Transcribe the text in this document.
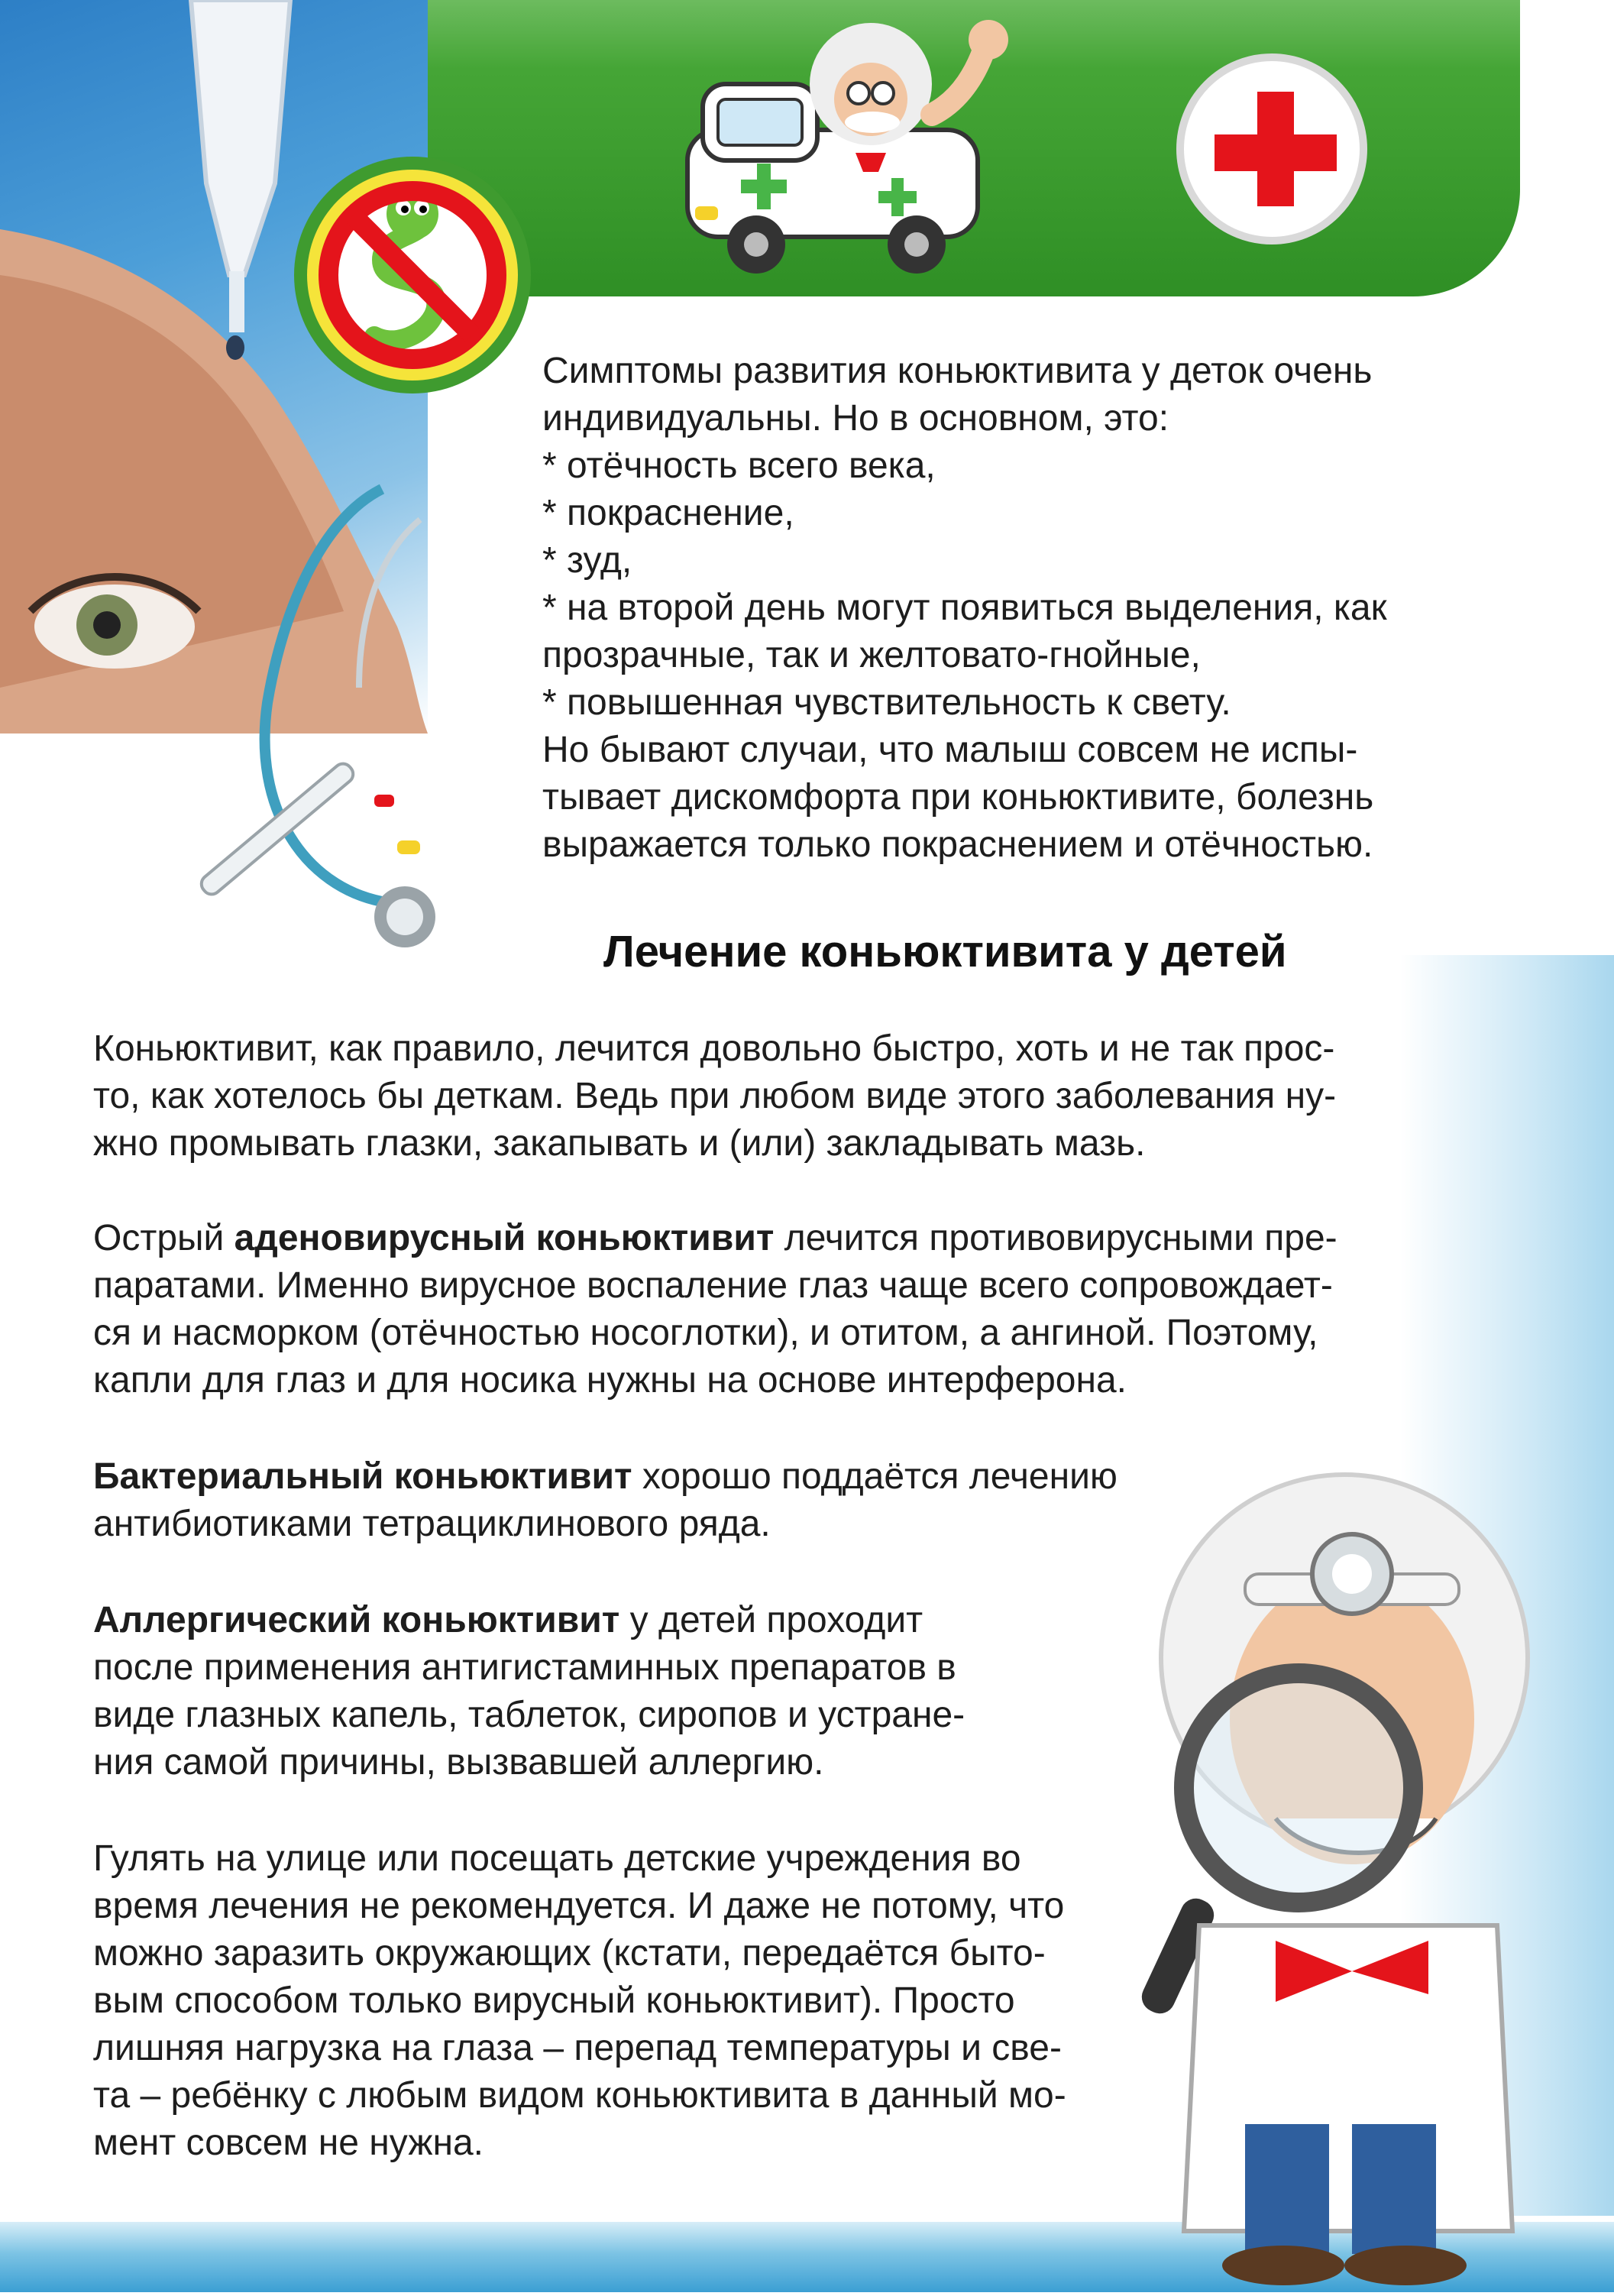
Симптомы развития коньюктивита у деток очень

индивидуальны. Но в основном, это:

* отёчность всего века,

* покраснение,

* зуд,

* на второй день могут появиться выделения, как

прозрачные, так и желтовато-гнойные,

* повышенная чувствительность к свету.

Но бывают случаи, что малыш совсем не испы-

тывает дискомфорта при коньюктивите, болезнь

выражается только покраснением и отёчностью.

Лечение коньюктивита у детей

Коньюктивит, как правило, лечится довольно быстро, хоть и не так прос-

то, как хотелось бы деткам. Ведь при любом виде этого заболевания ну-

жно промывать глазки, закапывать и (или) закладывать мазь.

Острый аденовирусный коньюктивит лечится противовирусными пре-

паратами. Именно вирусное воспаление глаз чаще всего сопровождает-

ся и насморком (отёчностью носоглотки), и отитом, а ангиной. Поэтому,

капли для глаз и для носика нужны на основе интерферона.

Бактериальный коньюктивит хорошо поддаётся лечению

антибиотиками тетрациклинового ряда.

Аллергический коньюктивит у детей проходит

после применения антигистаминных препаратов в

виде глазных капель, таблеток, сиропов и устране-

ния самой причины, вызвавшей аллергию.

Гулять на улице или посещать детские учреждения во

время лечения не рекомендуется. И даже не потому, что

можно заразить окружающих (кстати, передаётся быто-

вым способом только вирусный коньюктивит). Просто

лишняя нагрузка на глаза – перепад температуры и све-

та – ребёнку с любым видом коньюктивита в данный мо-

мент совсем не нужна.
